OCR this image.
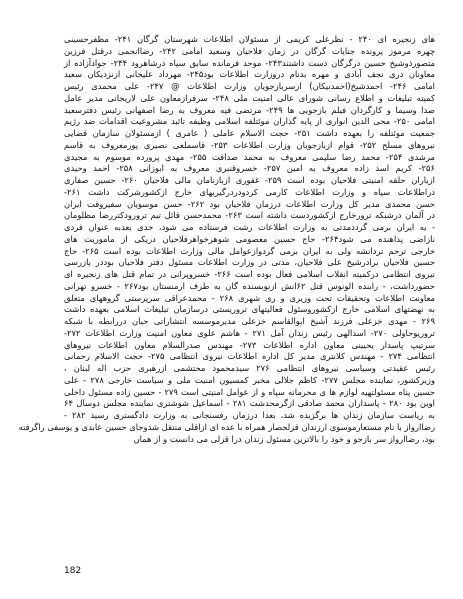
های زنجیره ای ۲۴۰ - نظرعلی کریمی از مسئولان اطلاعات شهرستان گرگان ۲۴۱- مظفرحسینی
چهره مرموز پرونده جنایات گرگان در زمان فلاحیان وسعید امامی ۲۴۲- رضاانجمی درقتل فرزین
متصورذوشیخ حسین درگرگان دست داشتند۲۴۳- موحد فرمانده سابق سپاه درشاهرود ۲۴۴- جوادآزاده از
معاونان دری نجف آبادی و مهره بدنام دروزارت اطلاعات بود۲۴۵- مهرداد علیخانی ازنزدیکان سعید
امامی ۲۴۶- احمدشیخ(احمدنیکان) ازسربازجویان وزارت اطلاعات @ ۲۴۷- علی محمدی رئیس
کمیته تبلیغات و اطلاع رسانی شورای عالی امنیت ملی ۲۴۸- سرفرازمعاون علی لاریجانی مدیر عامل
صدا وسیما و کارگردان فیلم بازجویی ها ۲۴۹- مرتضی فیه معروف به رضا اصفهانی رئیس دفترسعید
امامی ۲۵۰- محی الدین انواری از پایه گذاران موئتلفه اسلامی وظیفه تائید مشروعیت اقدامات ضد رژیم
جمعیت موئتلفه را بعهده داشت ۲۵۱- حجت الاسلام عاملی ( عامری ) ازمسئولان سازمان قضایی
نیروهای مسلح ۲۵۲- قوام ازبازجویان وزارت اطلاعات ۲۵۳- قاسملعی نصیری پورمعروف به قاسم
مرشدی ۲۵۴- محمد رضا سلیمی معروف به محمد صداقت ۲۵۵- مهدی پرورده موسوم به مجیدی
۲۵۶- کریم اسد زاده معروف به امین ۲۵۷- خسروقنبری معروف به ابوزانی ۲۵۸- احمد وحیدی
ازیاران حلقه امنیتی فلاحیان بوده است ۲۵۹- غفوری ازبازنامان مالی فلاحیان ۲۶۰- حسین صفاری
دراطلاعات سپاه و وزارت اطلاعات کارمی کردودردرگیریهای خارج ازکشورشرکت داشت ۲۶۱-
حسن محمدی مدیر کل وزارت اطلاعات درزمان فلاحیان بود ۲۶۲- حسن موسویان سفیروقت ایران
در آلمان درشبکه ترورخارج ازکشوردست داشته است ۲۶۳- محمدحسن قائل تیم ترورودکتررضا مظلومان
- به ایران برمی گرددمدتی به وزارت اطلاعات رشت فرستاده می شود، جدی بعدبه عنوان فردی
نازاضی پذاهنده می شود۲۶۴- حاج حسین معصومی شوهرخواهرفلاحیان دریکی از ماموریت های
خارجی ترحم تردانشه ولی به ایران برمی گردوازعوامل مالی وزارت اطلاعات بوده است ۲۶۵- حاج
حسین فلاحیان برادرشیخ علی فلاحیان، مدتی در وزارت اطلاعات مسئول دفتر فلاحیان بوددر بازرسی
نیروی انتظامی درکمیته انقلاب اسلامی فعال بوده است ۲۶۶- خسروپرانی در تمام قتل های زنجیره ای
حضورداشت، - رابنده الونوس قتل ۶۲انش ازنوبسنده گان به طرف ارمنستان بود۲۶۷ - خسرو تهرانی
معاونت اطلاعات وتحقیقات تحت وزیری و ری شهری ۲۶۸ - محمدعراقی سرپرستی گروههای متعلق
به نهضتهای اسلامی خارج ازکشوروسئول فعالیتهای تروریستی درسازمان تبلیغات اسلامی بعهده داشت
۲۶۹ - مهدی خزعلی فرزند آشیخ ابوالقاسم خزعلی مدیرموسسه انتشاراتی حیان دررابطه با شبکه
تروریوحاولی ۲۷۰- اسدالهی رئیس زندان آمل ۲۷۱ - هاشم علوی معاون امنیت وزارت اطلاعات ۲۷۲-
سرتیپ پاسدار یحیینی معاون اداره اطلاعات ۲۷۳- مهندس صدرالسلام معاون اطلاعات نیروهای
انتظامی ۲۷۴ - مهندس کلانتری مدیر کل اداره اطلاعات نیروی انتظامی ۲۷۵- حجت الاسلام رحمانی
رئیس عقیدتی وسیاسی نیروهای انتظامی ۲۷۶ سیدمحمود محتشمی ازرهبری حزب اله لبنان ،
وزیرکشور، نماینده مجلس ۲۷۷- کاظم جلالی مخبر کمسیون امنیت ملی و سیاست خارجی ۲۷۸ - علی
حسین پناه مسئولتهیه لوازم ها ی محرمانه سپاه و از عوامل امنیتی است ۲۷۹ - حسین زاده مسئول داخلی
اوین بود ۲۸۰ - پاسداران محمد صادقی ازگرمحدشت ۲۸۱ - اسماعیل شوشتری نماینده مجلس دوسال ۶۴
به ریاست سازمان زندان ها برگزیده شد، بعدا درزمان رفسنجانی به وزارت دادگستری رسید ۲۸۲ -
رضاارواز با نام مستعارموسوی ارزندان قزلحصار همراه با عده ای ازاقلی منتقل شدوجای حسین عابدی و یوسفی راگرفته
بود، رضاارواز سر بازجو و خود را بالاترین مسئول زندان درا قزلی می دانست و از همان
182
